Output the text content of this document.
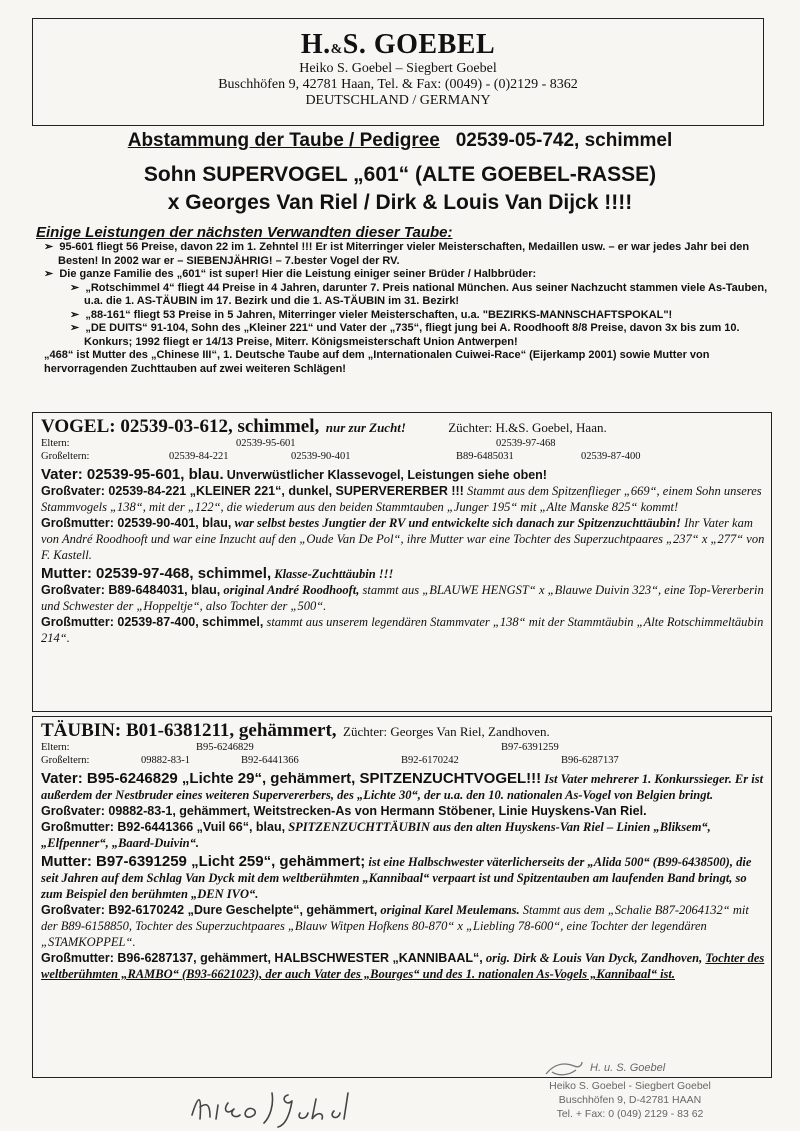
H.&S. GOEBEL
Heiko S. Goebel – Siegbert Goebel
Buschhöfen 9, 42781 Haan, Tel. & Fax: (0049) - (0)2129 - 8362
DEUTSCHLAND / GERMANY
Abstammung der Taube / Pedigree 02539-05-742, schimmel
Sohn SUPERVOGEL „601“ (ALTE GOEBEL-RASSE)
x Georges Van Riel / Dirk & Louis Van Dijck !!!!
Einige Leistungen der nächsten Verwandten dieser Taube:

➢  95-601 fliegt 56 Preise, davon 22 im 1. Zehntel !!! Er ist Miterringer vieler Meisterschaften, Medaillen usw. – er war jedes Jahr bei den Besten! In 2002 war er – SIEBENJÄHRIG! – 7.bester Vogel der RV.

➢  Die ganze Familie des „601“ ist super! Hier die Leistung einiger seiner Brüder / Halbbrüder:

➢  „Rotschimmel 4“ fliegt 44 Preise in 4 Jahren, darunter 7. Preis national München. Aus seiner Nachzucht stammen viele As-Tauben, u.a. die 1. AS-TÄUBIN im 17. Bezirk und die 1. AS-TÄUBIN im 31. Bezirk!

➢  „88-161“ fliegt 53 Preise in 5 Jahren, Miterringer vieler Meisterschaften, u.a. "BEZIRKS-MANNSCHAFTSPOKAL"!

➢  „DE DUITS“ 91-104, Sohn des „Kleiner 221“ und Vater der „735“, fliegt jung bei A. Roodhooft 8/8 Preise, davon 3x bis zum 10. Konkurs; 1992 fliegt er 14/13 Preise, Miterr. Königsmeisterschaft Union Antwerpen!

„468“ ist Mutter des „Chinese III“, 1. Deutsche Taube auf dem „Internationalen Cuiwei-Race“ (Eijerkamp 2001) sowie Mutter von hervorragenden Zuchttauben auf zwei weiteren Schlägen!

VOGEL: 02539-03-612, schimmel, nur zur Zucht!	Züchter: H.&S. Goebel, Haan.
Eltern:	02539-95-601	02539-97-468
Großeltern:	02539-84-221	02539-90-401	B89-6485031	02539-87-400

Vater: 02539-95-601, blau. Unverwüstlicher Klassevogel, Leistungen siehe oben!

Großvater: 02539-84-221 „KLEINER 221“, dunkel, SUPERVERERBER !!! Stammt aus dem Spitzenflieger „669“, einem Sohn unseres Stammvogels „138“, mit der „122“, die wiederum aus den beiden Stammtauben „Junger 195“ mit „Alte Manske 825“ kommt!

Großmutter: 02539-90-401, blau, war selbst bestes Jungtier der RV und entwickelte sich danach zur Spitzenzuchttäubin! Ihr Vater kam von André Roodhooft und war eine Inzucht auf den „Oude Van De Pol“, ihre Mutter war eine Tochter des Superzuchtpaares „237“ x „277“ von F. Kastell.

Mutter: 02539-97-468, schimmel, Klasse-Zuchttäubin !!!

Großvater: B89-6484031, blau, original André Roodhooft, stammt aus „BLAUWE HENGST“ x „Blauwe Duivin 323“, eine Top-Vererberin und Schwester der „Hoppeltje“, also Tochter der „500“.

Großmutter: 02539-87-400, schimmel, stammt aus unserem legendären Stammvater „138“ mit der Stammtäubin „Alte Rotschimmeltäubin 214“.

TÄUBIN: B01-6381211, gehämmert, Züchter: Georges Van Riel, Zandhoven.
Eltern:	B95-6246829	B97-6391259
Großeltern:	09882-83-1	B92-6441366	B92-6170242	B96-6287137

Vater: B95-6246829 „Lichte 29“, gehämmert, SPITZENZUCHTVOGEL!!! Ist Vater mehrerer 1. Konkurssieger. Er ist außerdem der Nestbruder eines weiteren Supervererbers, des „Lichte 30“, der u.a. den 10. nationalen As-Vogel von Belgien bringt.

Großvater: 09882-83-1, gehämmert, Weitstrecken-As von Hermann Stöbener, Linie Huyskens-Van Riel.

Großmutter: B92-6441366 „Vuil 66“, blau, SPITZENZUCHTTÄUBIN aus den alten Huyskens-Van Riel – Linien „Bliksem“, „Elfpenner“, „Baard-Duivin“.

Mutter: B97-6391259 „Licht 259“, gehämmert; ist eine Halbschwester väterlicherseits der „Alida 500“ (B99-6438500), die seit Jahren auf dem Schlag Van Dyck mit dem weltberühmten „Kannibaal“ verpaart ist und Spitzentauben am laufenden Band bringt, so zum Beispiel den berühmten „DEN IVO“.

Großvater: B92-6170242 „Dure Geschelpte“, gehämmert, original Karel Meulemans. Stammt aus dem „Schalie B87-2064132“ mit der B89-6158850, Tochter des Superzuchtpaares „Blauw Witpen Hofkens 80-870“ x „Liebling 78-600“, eine Tochter der legendären „STAMKOPPEL“.

Großmutter: B96-6287137, gehämmert, HALBSCHWESTER „KANNIBAAL“, orig. Dirk & Louis Van Dyck, Zandhoven, Tochter des weltberühmten „RAMBO“ (B93-6621023), der auch Vater des „Bourges“ und des 1. nationalen As-Vogels „Kannibaal“ ist.

H. u. S. Goebel
Heiko S. Goebel - Siegbert Goebel
Buschhöfen 9, D-42781 HAAN
Tel. + Fax: 0 (049) 2129 - 83 62
